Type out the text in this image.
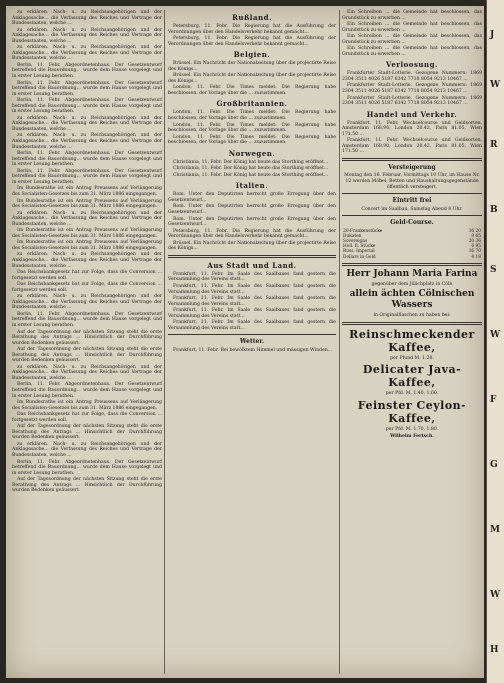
zu erklären. Nach- u. zu Reichsangehörigen und der Anklagesache... die Verfassung des Reiches und Vertrage der Bundesstaaten, welche ...

zu erklären. Nach- u. zu Reichsangehörigen und der Anklagesache... die Verfassung des Reiches und Vertrage der Bundesstaaten, welche ...

zu erklären. Nach- u. zu Reichsangehörigen und der Anklagesache... die Verfassung des Reiches und Vertrage der Bundesstaaten, welche ...

Berlin, 11. Febr. Abgeordnetenhaus. Der Gesetzentwurf betreffend die Bauordnung... wurde dem Hause vorgelegt und in erster Lesung berathen.

Berlin, 11. Febr. Abgeordnetenhaus. Der Gesetzentwurf betreffend die Bauordnung... wurde dem Hause vorgelegt und in erster Lesung berathen.

Berlin, 11. Febr. Abgeordnetenhaus. Der Gesetzentwurf betreffend die Bauordnung... wurde dem Hause vorgelegt und in erster Lesung berathen.

zu erklären. Nach- u. zu Reichsangehörigen und der Anklagesache... die Verfassung des Reiches und Vertrage der Bundesstaaten, welche ...

zu erklären. Nach- u. zu Reichsangehörigen und der Anklagesache... die Verfassung des Reiches und Vertrage der Bundesstaaten, welche ...

Berlin, 11. Febr. Abgeordnetenhaus. Der Gesetzentwurf betreffend die Bauordnung... wurde dem Hause vorgelegt und in erster Lesung berathen.

Berlin, 11. Febr. Abgeordnetenhaus. Der Gesetzentwurf betreffend die Bauordnung... wurde dem Hause vorgelegt und in erster Lesung berathen.

Im Bundesrathe ist ein Antrag Preussens auf Verlängerung des Socialisten-Gesetzes bis zum 31. März 1886 eingegangen.

Im Bundesrathe ist ein Antrag Preussens auf Verlängerung des Socialisten-Gesetzes bis zum 31. März 1886 eingegangen.

zu erklären. Nach- u. zu Reichsangehörigen und der Anklagesache... die Verfassung des Reiches und Vertrage der Bundesstaaten, welche ...

Im Bundesrathe ist ein Antrag Preussens auf Verlängerung des Socialisten-Gesetzes bis zum 31. März 1886 eingegangen.

Im Bundesrathe ist ein Antrag Preussens auf Verlängerung des Socialisten-Gesetzes bis zum 31. März 1886 eingegangen.

zu erklären. Nach- u. zu Reichsangehörigen und der Anklagesache... die Verfassung des Reiches und Vertrage der Bundesstaaten, welche ...

Das Reichsbankgesetz hat zur Folge, dass die Conversion ... fortgesetzt werden soll.

Das Reichsbankgesetz hat zur Folge, dass die Conversion ... fortgesetzt werden soll.

zu erklären. Nach- u. zu Reichsangehörigen und der Anklagesache... die Verfassung des Reiches und Vertrage der Bundesstaaten, welche ...

Berlin, 11. Febr. Abgeordnetenhaus. Der Gesetzentwurf betreffend die Bauordnung... wurde dem Hause vorgelegt und in erster Lesung berathen.

Auf der Tagesordnung der nächsten Sitzung steht die erste Berathung des Antrags ... Hinsichtlich der Durchführung wurden Bedenken geäussert.

Auf der Tagesordnung der nächsten Sitzung steht die erste Berathung des Antrags ... Hinsichtlich der Durchführung wurden Bedenken geäussert.

zu erklären. Nach- u. zu Reichsangehörigen und der Anklagesache... die Verfassung des Reiches und Vertrage der Bundesstaaten, welche ...

Berlin, 11. Febr. Abgeordnetenhaus. Der Gesetzentwurf betreffend die Bauordnung... wurde dem Hause vorgelegt und in erster Lesung berathen.

Im Bundesrathe ist ein Antrag Preussens auf Verlängerung des Socialisten-Gesetzes bis zum 31. März 1886 eingegangen.

Das Reichsbankgesetz hat zur Folge, dass die Conversion ... fortgesetzt werden soll.

Auf der Tagesordnung der nächsten Sitzung steht die erste Berathung des Antrags ... Hinsichtlich der Durchführung wurden Bedenken geäussert.

zu erklären. Nach- u. zu Reichsangehörigen und der Anklagesache... die Verfassung des Reiches und Vertrage der Bundesstaaten, welche ...

Berlin, 11. Febr. Abgeordnetenhaus. Der Gesetzentwurf betreffend die Bauordnung... wurde dem Hause vorgelegt und in erster Lesung berathen.

Auf der Tagesordnung der nächsten Sitzung steht die erste Berathung des Antrags ... Hinsichtlich der Durchführung wurden Bedenken geäussert.

Rußland.

Petersburg, 11. Febr. Die Regierung hat die Ausführung der Verordnungen über den Handelsverkehr bekannt gemacht...

Petersburg, 11. Febr. Die Regierung hat die Ausführung der Verordnungen über den Handelsverkehr bekannt gemacht...

Belgien.

Brüssel. Ein Nachricht der Nationalzeitung über die projectirte Reise des Königs...

Brüssel. Ein Nachricht der Nationalzeitung über die projectirte Reise des Königs...

London, 11. Febr. Die Times meldet: Die Regierung habe beschlossen, der Vorlage über die ... zuzustimmen.

Großbritannien.

London, 11. Febr. Die Times meldet: Die Regierung habe beschlossen, der Vorlage über die ... zuzustimmen.

London, 11. Febr. Die Times meldet: Die Regierung habe beschlossen, der Vorlage über die ... zuzustimmen.

London, 11. Febr. Die Times meldet: Die Regierung habe beschlossen, der Vorlage über die ... zuzustimmen.

Norwegen.

Christiania, 11. Febr. Der König hat heute das Storthing eröffnet...

Christiania, 11. Febr. Der König hat heute das Storthing eröffnet...

Christiania, 11. Febr. Der König hat heute das Storthing eröffnet...

Italien.

Rom. Unter den Deputirten herrscht große Erregung über den Gesetzentwurf...

Rom. Unter den Deputirten herrscht große Erregung über den Gesetzentwurf...

Rom. Unter den Deputirten herrscht große Erregung über den Gesetzentwurf...

Petersburg, 11. Febr. Die Regierung hat die Ausführung der Verordnungen über den Handelsverkehr bekannt gemacht...

Brüssel. Ein Nachricht der Nationalzeitung über die projectirte Reise des Königs...

Aus Stadt und Land.

Frankfurt, 11. Febr. Im Saale des Saalbaues fand gestern die Versammlung des Vereins statt...

Frankfurt, 11. Febr. Im Saale des Saalbaues fand gestern die Versammlung des Vereins statt...

Frankfurt, 11. Febr. Im Saale des Saalbaues fand gestern die Versammlung des Vereins statt...

Frankfurt, 11. Febr. Im Saale des Saalbaues fand gestern die Versammlung des Vereins statt...

Frankfurt, 11. Febr. Im Saale des Saalbaues fand gestern die Versammlung des Vereins statt...

Wetter.

Frankfurt, 11. Febr. Bei bewölktem Himmel und mässigen Winden...

Ein Schreiben ... die Gemeinde hat beschlossen, das Grundstück zu erwerben ...

Ein Schreiben ... die Gemeinde hat beschlossen, das Grundstück zu erwerben ...

Ein Schreiben ... die Gemeinde hat beschlossen, das Grundstück zu erwerben ...

Ein Schreiben ... die Gemeinde hat beschlossen, das Grundstück zu erwerben ...

Verloosung.

Frankfurter Stadt-Lotterie. Gezogene Nummern: 1869 2304 3511 4026 5187 6342 7718 8054 9213 10467 ...

Frankfurter Stadt-Lotterie. Gezogene Nummern: 1869 2304 3511 4026 5187 6342 7718 8054 9213 10467 ...

Frankfurter Stadt-Lotterie. Gezogene Nummern: 1869 2304 3511 4026 5187 6342 7718 8054 9213 10467 ...

Handel und Verkehr.

Frankfurt, 11. Febr. Wechselcourse und Geldsorten. Amsterdam 168.90, London 20.42, Paris 81.05, Wien 171.50 ...

Frankfurt, 11. Febr. Wechselcourse und Geldsorten. Amsterdam 168.90, London 20.42, Paris 81.05, Wien 171.50 ...

Versteigerung

Montag den 16. Februar, Vormittags 10 Uhr, im Hause Nr. 12 werden Möbel, Betten und Haushaltungsgegenstände öffentlich versteigert.

Eintritt frei

Concert im Saalbau, Samstag Abend 8 Uhr.

Geld-Course.
20-Frankenstücke	16 20
Dukaten	9 65
Sovereigns	20 36
Holl. fl. Stücke	6 95
Russ. Imperial	16 70
Dollars in Gold	4 18
Herr Johann Maria Farina

gegenüber dem Jülichplatz in Cöln

allein ächten Cölnischen Wassers

in Originalflaschen zu haben bei:

Reinschmeckender Kaffee,

per Pfund M. 1.20.

Delicater Java-Kaffee,

per Pfd. M. 1.40, 1.60.

Feinster Ceylon-Kaffee,

per Pfd. M. 1.70, 1.80.

Wilhelm Fertsch.

J
W
R
B
S
W
F
G
M
W
H
